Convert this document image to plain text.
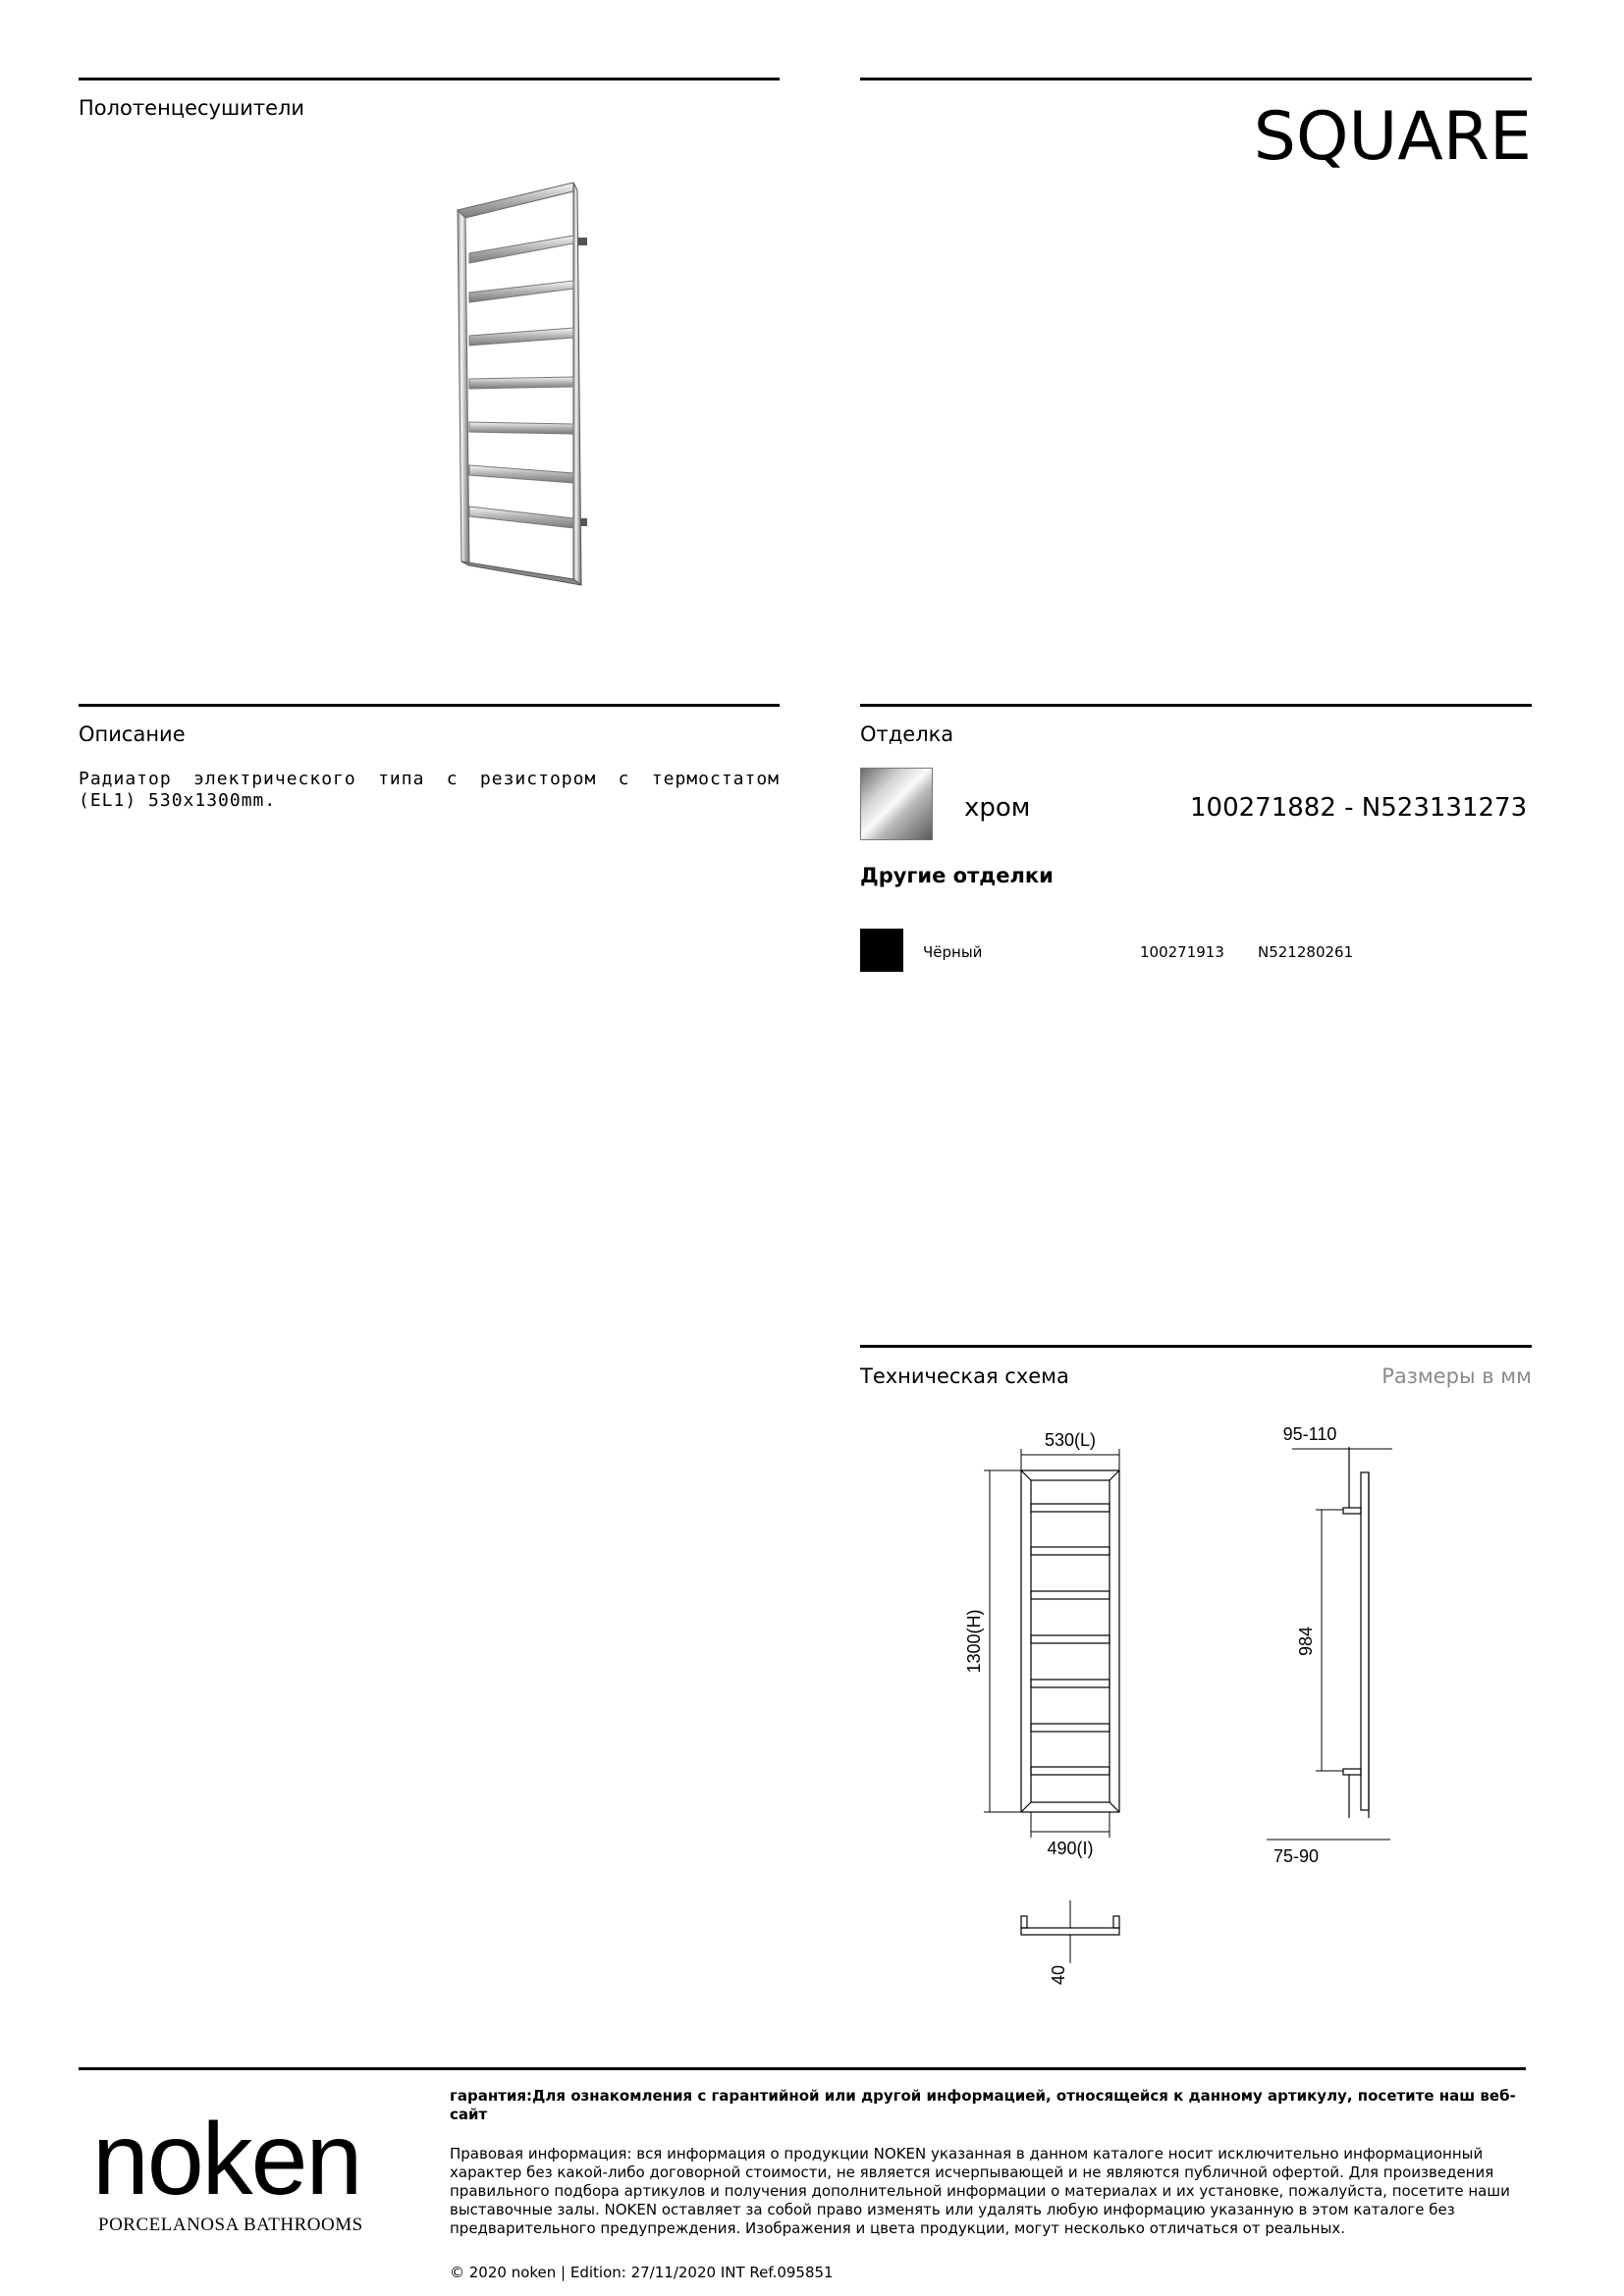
Полотенцесушители	SQUARE
Описание
Радиатор электрического типа с резистором с термостатом (EL1) 530x1300mm.
Отделка
хром	100271882 - N523131273
Другие отделки
Чёрный	100271913 N521280261
Техническая схема	Размеры в мм
530(L)
1300(H)
490(I)
95-110
984
75-90
40
noken
PORCELANOSA BATHROOMS
гарантия:Для ознакомления с гарантийной или другой информацией, относящейся к данному артикулу, посетите наш веб-сайт
Правовая информация: вся информация о продукции NOKEN указанная в данном каталоге носит исключительно информационный характер без какой-либо договорной стоимости, не является исчерпывающей и не являются публичной офертой. Для произведения правильного подбора артикулов и получения дополнительной информации о материалах и их установке, пожалуйста, посетите наши выставочные залы. NOKEN оставляет за собой право изменять или удалять любую информацию указанную в этом каталоге без предварительного предупреждения. Изображения и цвета продукции, могут несколько отличаться от реальных.
© 2020 noken | Edition: 27/11/2020 INT Ref.095851
